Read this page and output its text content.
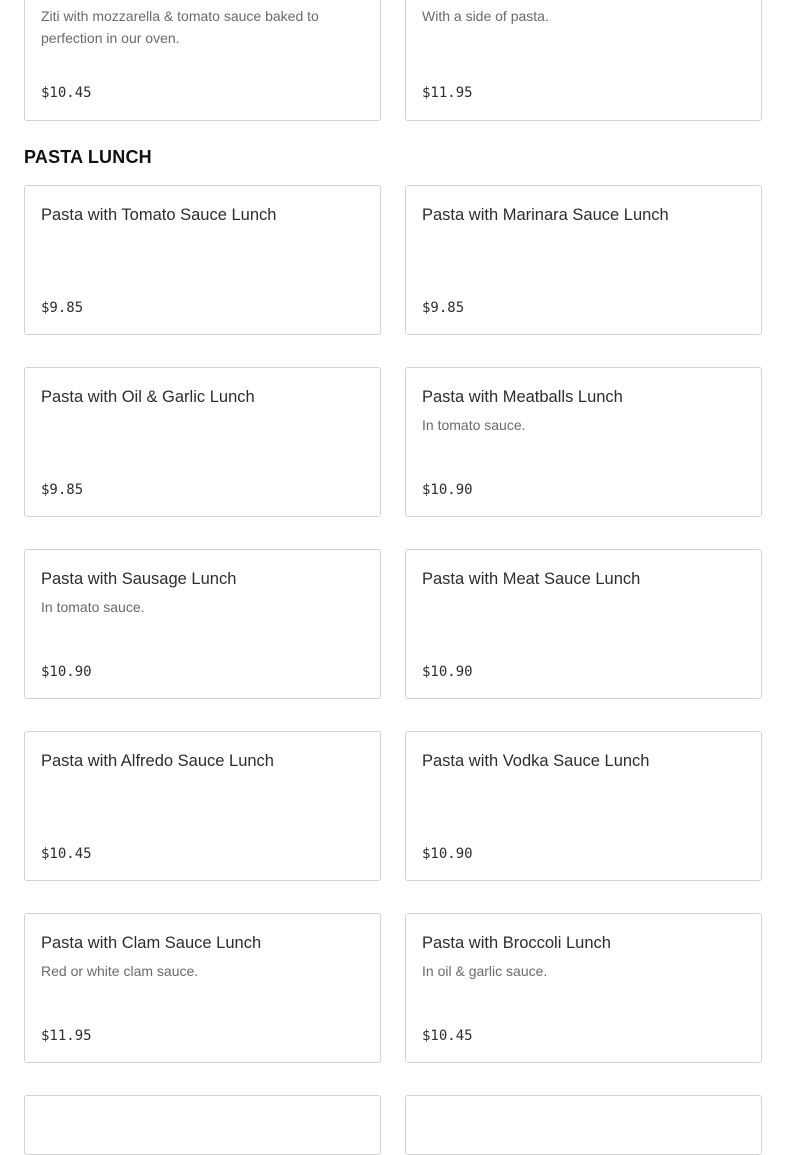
Ziti with mozzarella & tomato sauce baked to perfection in our oven.
$10.45
With a side of pasta.
$11.95
PASTA LUNCH
Pasta with Tomato Sauce Lunch
$9.85
Pasta with Marinara Sauce Lunch
$9.85
Pasta with Oil & Garlic Lunch
$9.85
Pasta with Meatballs Lunch
In tomato sauce.
$10.90
Pasta with Sausage Lunch
In tomato sauce.
$10.90
Pasta with Meat Sauce Lunch
$10.90
Pasta with Alfredo Sauce Lunch
$10.45
Pasta with Vodka Sauce Lunch
$10.90
Pasta with Clam Sauce Lunch
Red or white clam sauce.
$11.95
Pasta with Broccoli Lunch
In oil & garlic sauce.
$10.45
